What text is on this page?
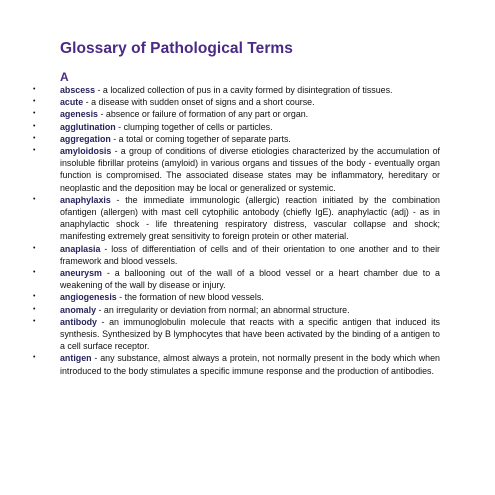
Glossary of Pathological Terms
A
•	abscess - a localized collection of pus in a cavity formed by disintegration of tissues.
•	acute - a disease with sudden onset of signs and a short course.
•	agenesis - absence or failure of formation of any part or organ.
•	agglutination - clumping together of cells or particles.
•	aggregation - a total or coming together of separate parts.
•	amyloidosis - a group of conditions of diverse etiologies characterized by the accumulation of insoluble fibrillar proteins (amyloid) in various organs and tissues of the body - eventually organ function is compromised. The associated disease states may be inflammatory, hereditary or neoplastic and the deposition may be local or generalized or systemic.
•	anaphylaxis - the immediate immunologic (allergic) reaction initiated by the combination ofantigen (allergen) with mast cell cytophilic antobody (chiefly IgE). anaphylactic (adj) - as in anaphylactic shock - life threatening respiratory distress, vascular collapse and shock; manifesting extremely great sensitivity to foreign protein or other material.
•	anaplasia - loss of differentiation of cells and of their orientation to one another and to their framework and blood vessels.
•	aneurysm - a ballooning out of the wall of a blood vessel or a heart chamber due to a weakening of the wall by disease or injury.
•	angiogenesis - the formation of new blood vessels.
•	anomaly - an irregularity or deviation from normal; an abnormal structure.
•	antibody - an immunoglobulin molecule that reacts with a specific antigen that induced its synthesis. Synthesized by B lymphocytes that have been activated by the binding of a antigen to a cell surface receptor.
•	antigen - any substance, almost always a protein, not normally present in the body which when introduced to the body stimulates a specific immune response and the production of antibodies.
